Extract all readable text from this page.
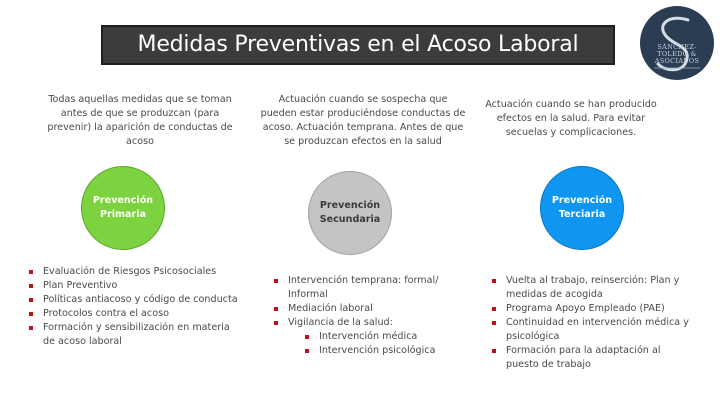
Medidas Preventivas en el Acoso Laboral	SÁNCHEZ-
TOLEDO &
ASOCIADOS
Todas aquellas medidas que se toman antes de que se produzcan (para prevenir) la aparición de conductas de acoso
Prevención
Primaria
Evaluación de Riesgos Psicosociales
Plan Preventivo
Políticas antiacoso y código de conducta
Protocolos contra el acoso
Formación y sensibilización en materia de acoso laboral
Actuación cuando se sospecha que pueden estar produciéndose conductas de acoso. Actuación temprana. Antes de que se produzcan efectos en la salud
Prevención
Secundaria
Intervención temprana: formal/ Informal
Mediación laboral
Vigilancia de la salud:
Intervención médica
Intervención psicológica
Actuación cuando se han producido efectos en la salud. Para evitar secuelas y complicaciones.
Prevención
Terciaria
Vuelta al trabajo, reinserción: Plan y medidas de acogida
Programa Apoyo Empleado (PAE)
Continuidad en intervención médica y psicológica
Formación para la adaptación al puesto de trabajo
